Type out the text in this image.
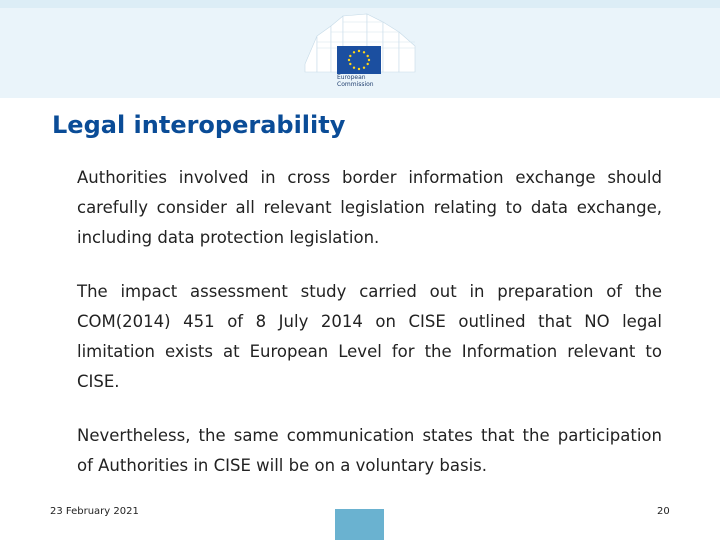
European
Commission
Legal interoperability

Authorities involved in cross border information exchange should carefully consider all relevant legislation relating to data exchange, including data protection legislation.

The impact assessment study carried out in preparation of the COM(2014) 451 of 8 July 2014 on CISE outlined that NO legal limitation exists at European Level for the Information relevant to CISE.

Nevertheless, the same communication states that the participation of Authorities in CISE will be on a voluntary basis.

23 February 2021	20
